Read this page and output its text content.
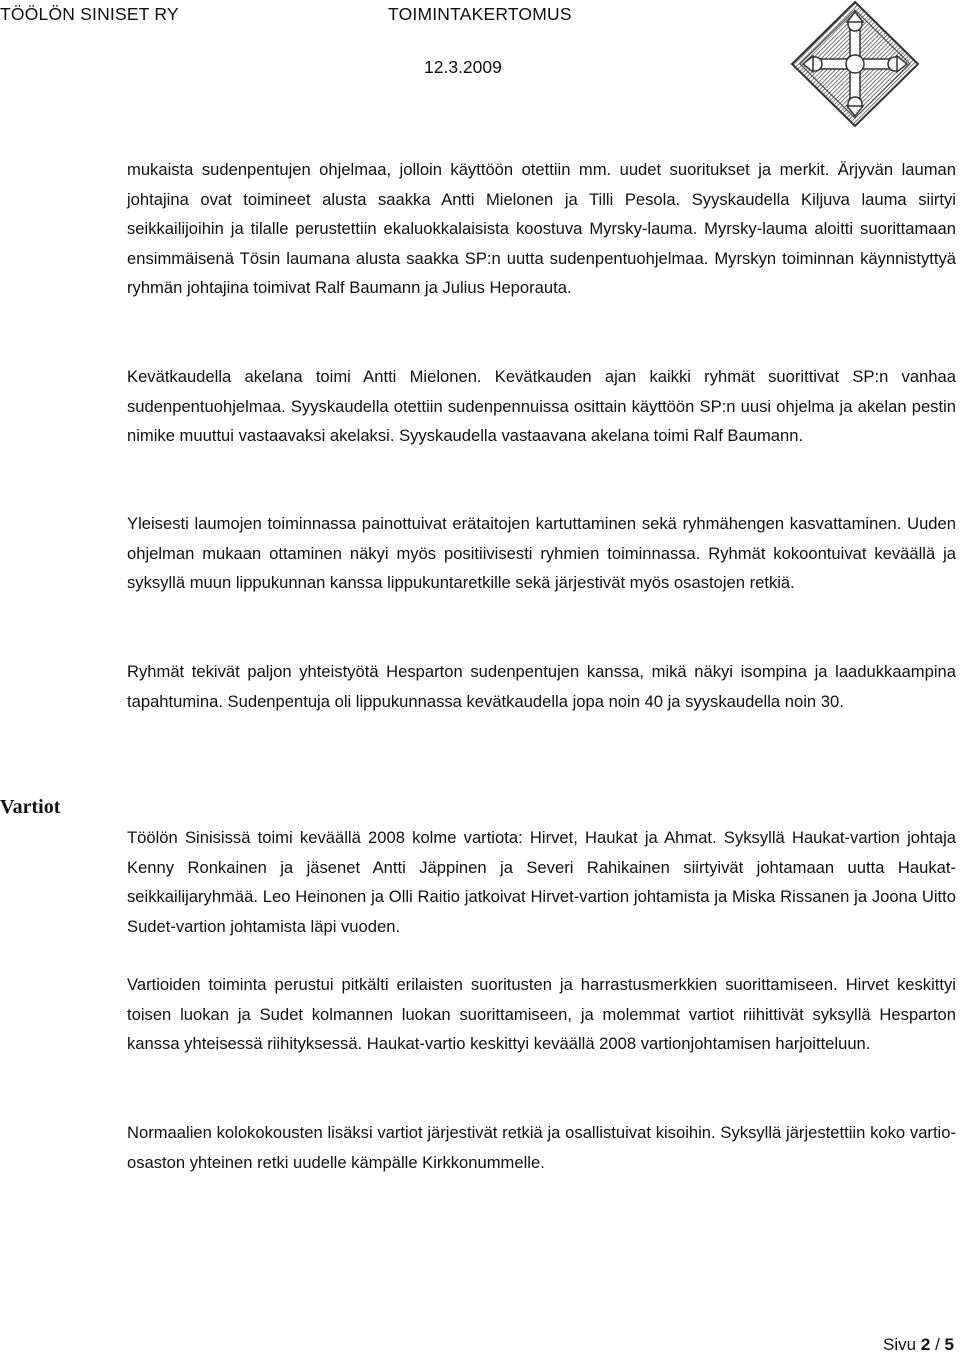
TÖÖLÖN SINISET RY	TOIMINTAKERTOMUS
12.3.2009

mukaista sudenpentujen ohjelmaa, jolloin käyttöön otettiin mm. uudet suoritukset ja merkit. Ärjyvän lauman johtajina ovat toimineet alusta saakka Antti Mielonen ja Tilli Pesola. Syyskaudella Kiljuva lauma siirtyi seikkailijoihin ja tilalle perustettiin ekaluokkalaisista koostuva Myrsky-lauma. Myrsky-lauma aloitti suorittamaan ensimmäisenä Tösin laumana alusta saakka SP:n uutta sudenpentuohjelmaa. Myrskyn toiminnan käynnistyttyä ryhmän johtajina toimivat Ralf Baumann ja Julius Heporauta.

Kevätkaudella akelana toimi Antti Mielonen. Kevätkauden ajan kaikki ryhmät suorittivat SP:n vanhaa sudenpentuohjelmaa. Syyskaudella otettiin sudenpennuissa osittain käyttöön SP:n uusi ohjelma ja akelan pestin nimike muuttui vastaavaksi akelaksi. Syyskaudella vastaavana akelana toimi Ralf Baumann.

Yleisesti laumojen toiminnassa painottuivat erätaitojen kartuttaminen sekä ryhmähengen kasvattaminen. Uuden ohjelman mukaan ottaminen näkyi myös positiivisesti ryhmien toiminnassa. Ryhmät kokoontuivat keväällä ja syksyllä muun lippukunnan kanssa lippukuntaretkille sekä järjestivät myös osastojen retkiä.

Ryhmät tekivät paljon yhteistyötä Hesparton sudenpentujen kanssa, mikä näkyi isompina ja laadukkaampina tapahtumina. Sudenpentuja oli lippukunnassa kevätkaudella jopa noin 40 ja syyskaudella noin 30.

Vartiot

Töölön Sinisissä toimi keväällä 2008 kolme vartiota: Hirvet, Haukat ja Ahmat. Syksyllä Haukat-vartion johtaja Kenny Ronkainen ja jäsenet Antti Jäppinen ja Severi Rahikainen siirtyivät johtamaan uutta Haukat-seikkailijaryhmää. Leo Heinonen ja Olli Raitio jatkoivat Hirvet-vartion johtamista ja Miska Rissanen ja Joona Uitto Sudet-vartion johtamista läpi vuoden.

Vartioiden toiminta perustui pitkälti erilaisten suoritusten ja harrastusmerkkien suorittamiseen. Hirvet keskittyi toisen luokan ja Sudet kolmannen luokan suorittamiseen, ja molemmat vartiot riihittivät syksyllä Hesparton kanssa yhteisessä riihityksessä. Haukat-vartio keskittyi keväällä 2008 vartionjohtamisen harjoitteluun.

Normaalien kolokokousten lisäksi vartiot järjestivät retkiä ja osallistuivat kisoihin. Syksyllä järjestettiin koko vartio-osaston yhteinen retki uudelle kämpälle Kirkkonummelle.

Sivu 2 / 5
